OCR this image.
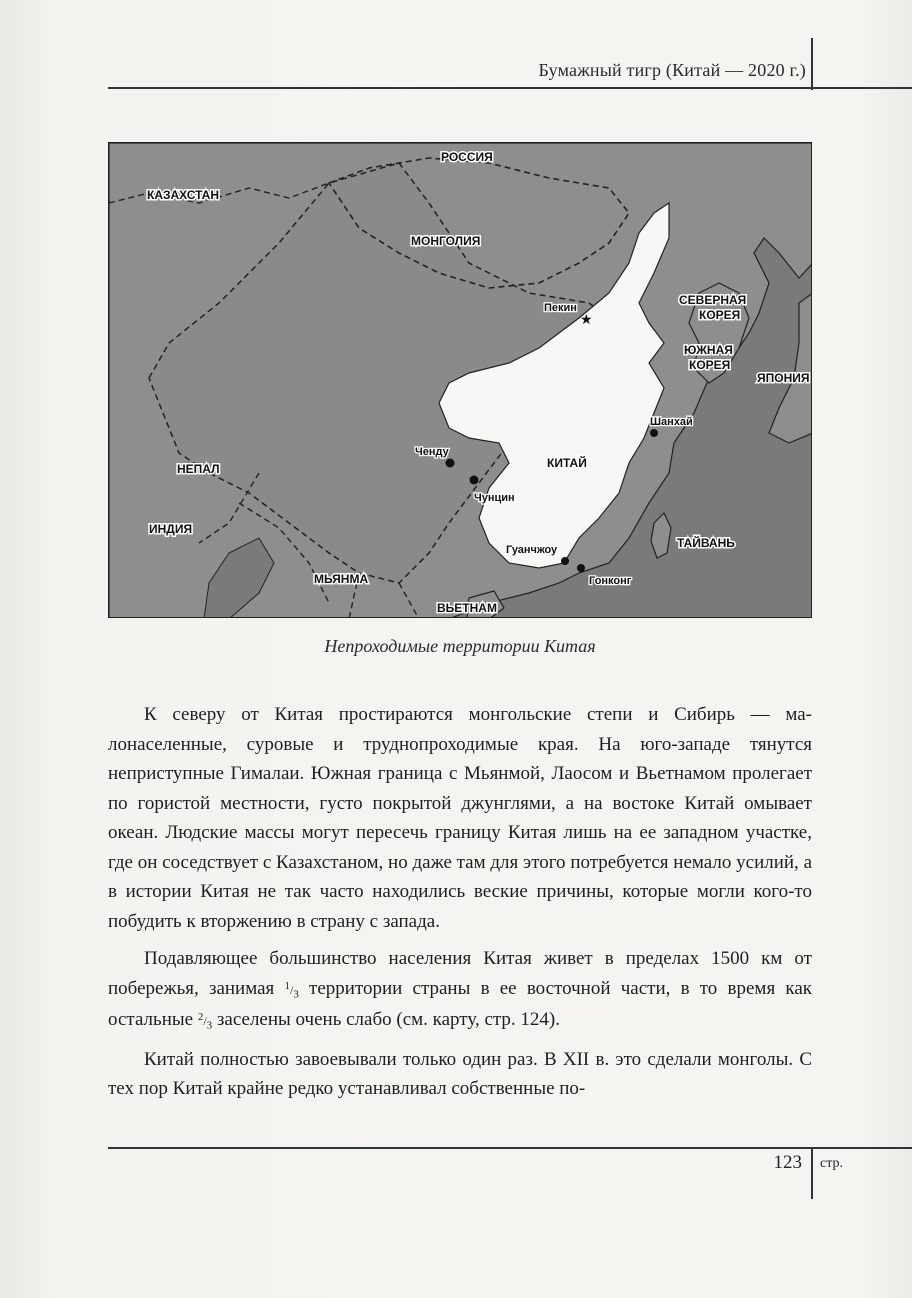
Бумажный тигр (Китай — 2020 г.)
РОССИЯ
КАЗАХСТАН
МОНГОЛИЯ
СЕВЕРНАЯ
КОРЕЯ
ЮЖНАЯ
КОРЕЯ
ЯПОНИЯ
КИТАЙ
НЕПАЛ
ИНДИЯ
МЬЯНМА
ВЬЕТНАМ
ТАЙВАНЬ
★
Пекин
Шанхай
Ченду
Чунцин
Гуанчжоу
Гонконг
Непроходимые территории Китая

К северу от Китая простираются монгольские степи и Сибирь — малонаселенные, суровые и труднопроходимые края. На юго-западе тянутся неприступные Гималаи. Южная граница с Мьянмой, Лаосом и Вьетнамом пролегает по гористой местности, густо покрытой джунглями, а на востоке Китай омывает океан. Людские массы могут пересечь границу Китая лишь на ее западном участке, где он соседствует с Казахстаном, но даже там для этого потребуется немало усилий, а в истории Китая не так часто находились веские причины, которые могли кого-то побудить к вторжению в страну с запада.

Подавляющее большинство населения Китая живет в пределах 1500 км от побережья, занимая $^1/_3$ территории страны в ее восточной части, в то время как остальные $^2/_3$ заселены очень слабо (см. карту, стр. 124).

Китай полностью завоевывали только один раз. В XII в. это сделали монголы. С тех пор Китай крайне редко устанавливал собственные по-

123 стр.
